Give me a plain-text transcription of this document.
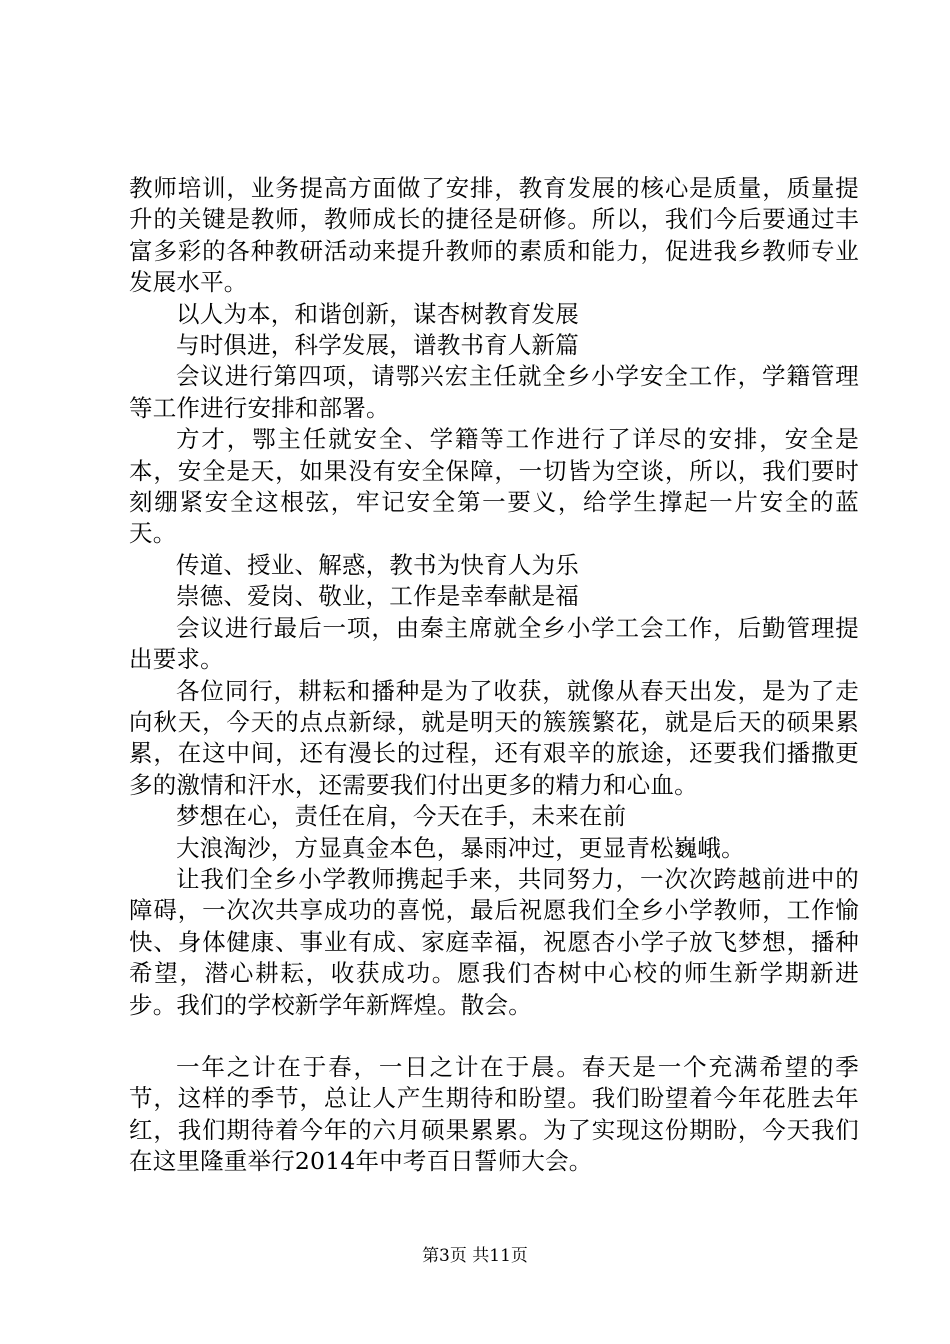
教师培训，业务提高方面做了安排，教育发展的核心是质量，质量提升的关键是教师，教师成长的捷径是研修。所以，我们今后要通过丰富多彩的各种教研活动来提升教师的素质和能力，促进我乡教师专业发展水平。

以人为本，和谐创新，谋杏树教育发展

与时俱进，科学发展，谱教书育人新篇

会议进行第四项，请鄂兴宏主任就全乡小学安全工作，学籍管理等工作进行安排和部署。

方才，鄂主任就安全、学籍等工作进行了详尽的安排，安全是本，安全是天，如果没有安全保障，一切皆为空谈，所以，我们要时刻绷紧安全这根弦，牢记安全第一要义，给学生撑起一片安全的蓝天。

传道、授业、解惑，教书为快育人为乐

崇德、爱岗、敬业，工作是幸奉献是福

会议进行最后一项，由秦主席就全乡小学工会工作，后勤管理提出要求。

各位同行，耕耘和播种是为了收获，就像从春天出发，是为了走向秋天，今天的点点新绿，就是明天的簇簇繁花，就是后天的硕果累累，在这中间，还有漫长的过程，还有艰辛的旅途，还要我们播撒更多的激情和汗水，还需要我们付出更多的精力和心血。

梦想在心，责任在肩，今天在手，未来在前

大浪淘沙，方显真金本色，暴雨冲过，更显青松巍峨。

让我们全乡小学教师携起手来，共同努力，一次次跨越前进中的障碍，一次次共享成功的喜悦，最后祝愿我们全乡小学教师，工作愉快、身体健康、事业有成、家庭幸福，祝愿杏小学子放飞梦想，播种希望，潜心耕耘，收获成功。愿我们杏树中心校的师生新学期新进步。我们的学校新学年新辉煌。散会。

一年之计在于春，一日之计在于晨。春天是一个充满希望的季节，这样的季节，总让人产生期待和盼望。我们盼望着今年花胜去年红，我们期待着今年的六月硕果累累。为了实现这份期盼，今天我们在这里隆重举行2014年中考百日誓师大会。

第3页 共11页
